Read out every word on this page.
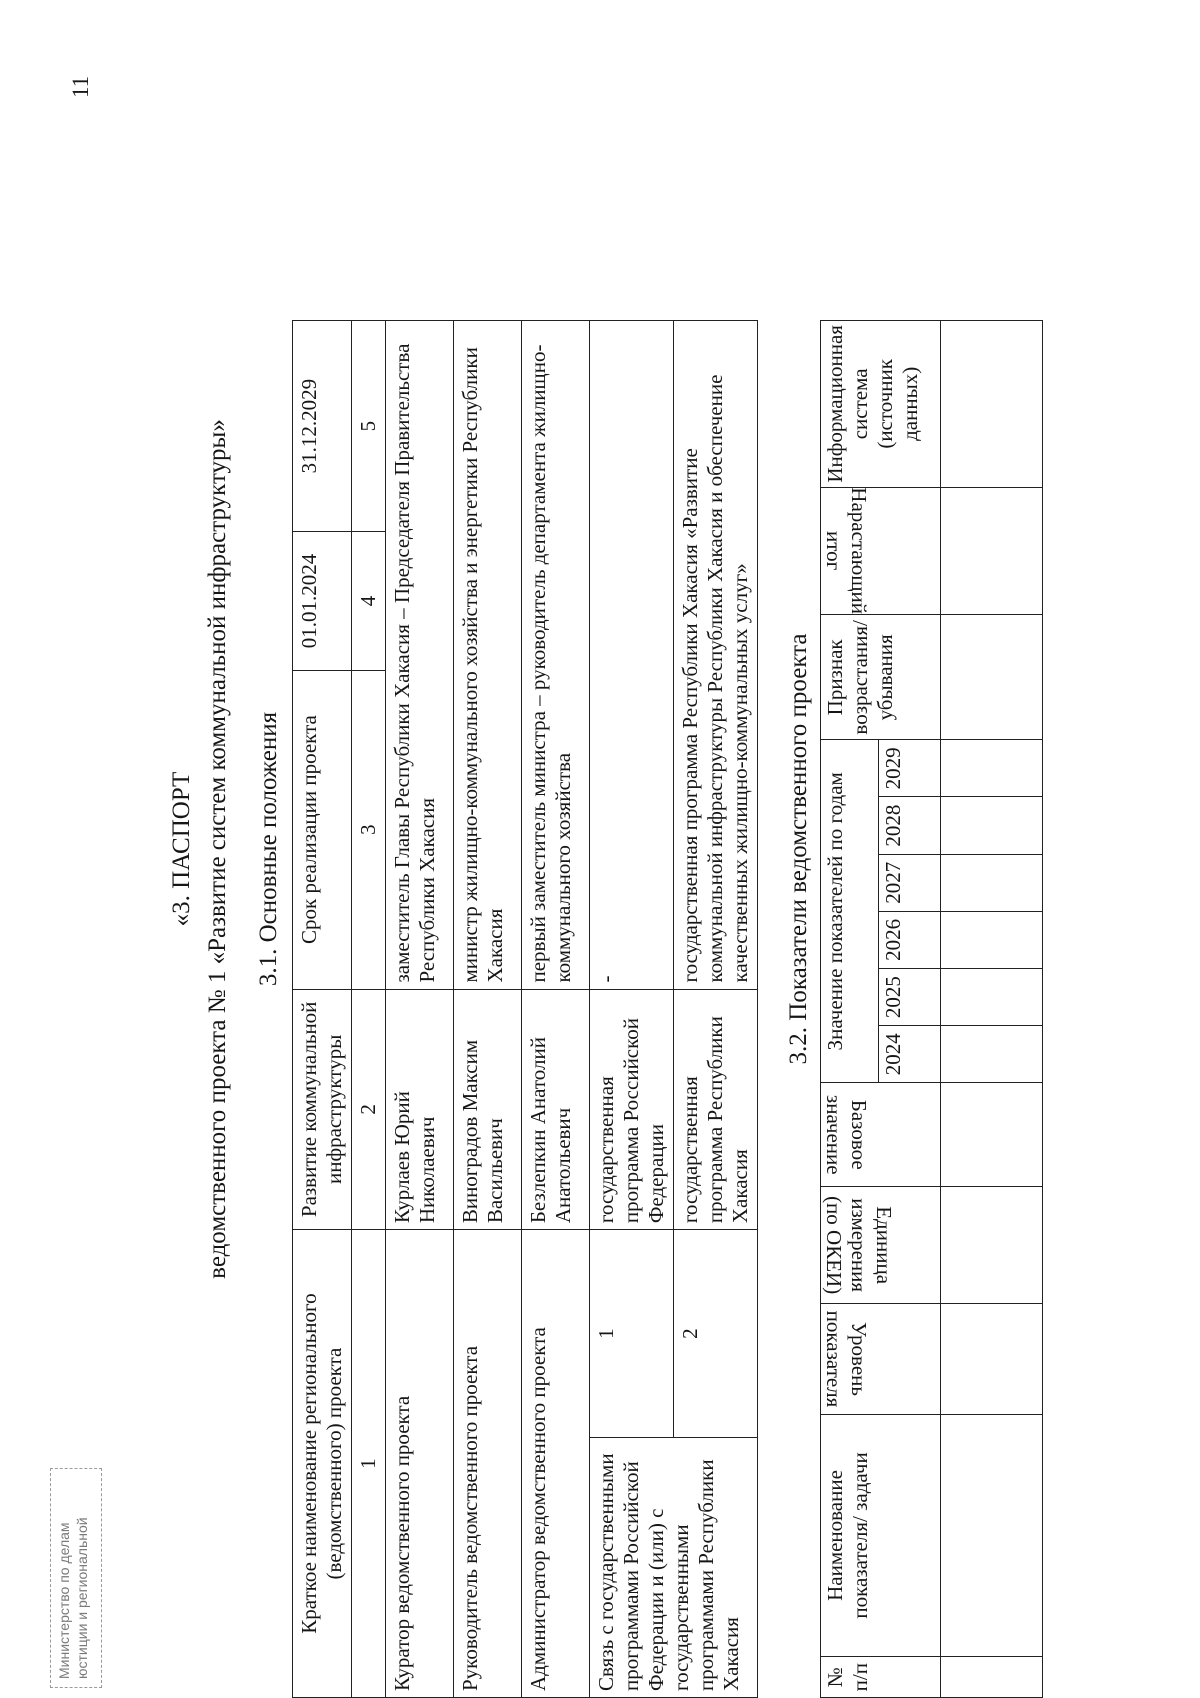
11
«3. ПАСПОРТ ведомственного проекта № 1 «Развитие систем коммунальной инфраструктуры» 3.1. Основные положения
Краткое наименование регионального (ведомственного) проекта		Развитие коммунальной инфраструктуры	Срок реализации проекта	01.01.2024	31.12.2029
1		2	3	4	5
Куратор ведомственного проекта		Курлаев Юрий Николаевич	заместитель Главы Республики Хакасия – Председателя Правительства Республики Хакасия		
Руководитель ведомственного проекта		Виноградов Максим Васильевич	министр жилищно-коммунального хозяйства и энергетики Республики Хакасия		
Администратор ведомственного проекта		Безлепкин Анатолий Анатольевич	первый заместитель министра – руководитель департамента жилищно-коммунального хозяйства		
Связь с государственными программами Российской Федерации и (или) с государственными программами Республики Хакасия	1	государственная программа Российской Федерации	-		
	2	государственная программа Республики Хакасия	государственная программа Республики Хакасия «Развитие коммунальной инфраструктуры Республики Хакасия и обеспечение качественных жилищно-коммунальных услуг»		3.2. Показатели ведомственного проекта
№ п/п	Наименование показателя/ задачи	Уровень показателя	Единица измерения (по ОКЕИ)	Базовое значение	Значение показателей по годам						Признак возрастания/ убывания	Нарастающий итог	Информационная система (источник данных)
					2024	2025	2026	2027	2028	2029			

Министерство по делам юстиции и региональной
